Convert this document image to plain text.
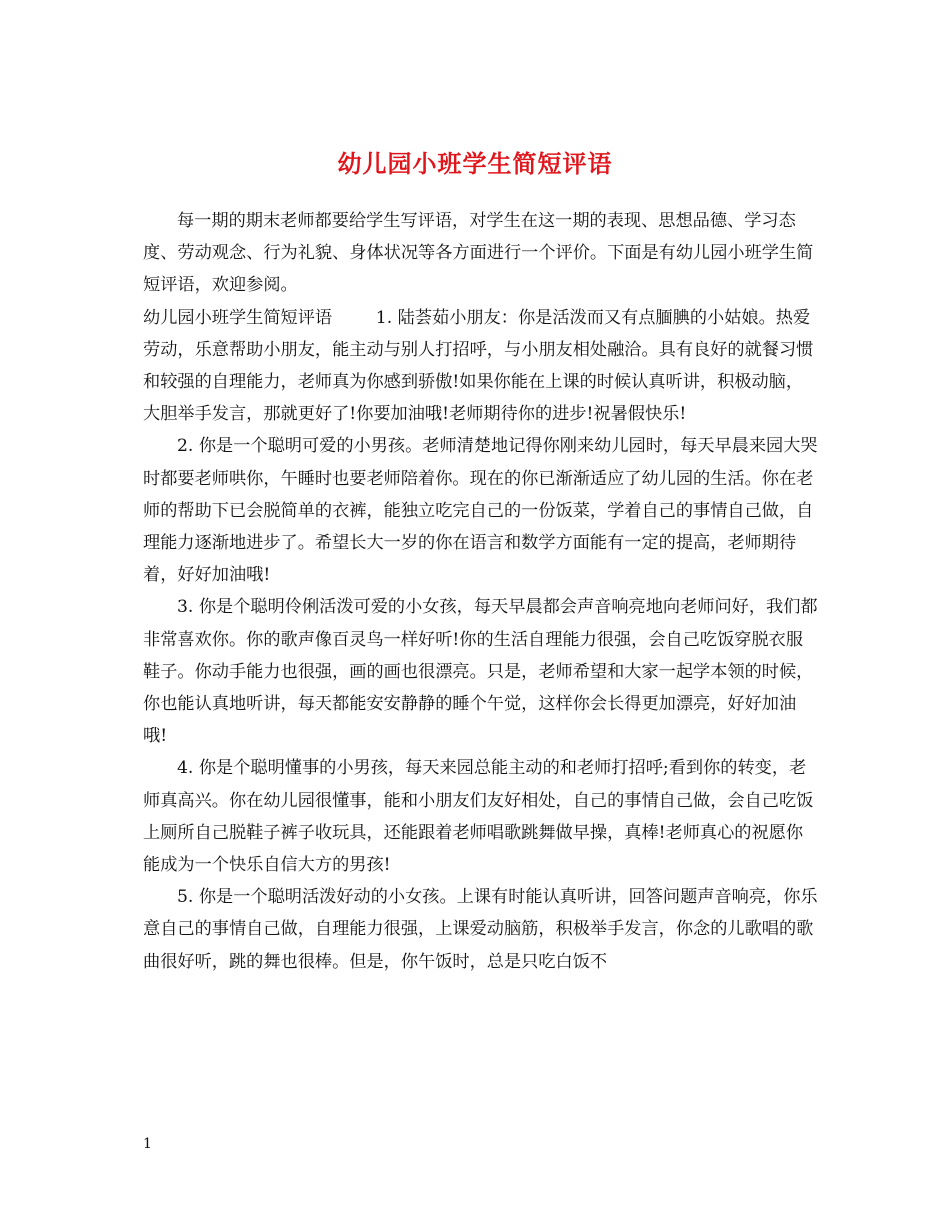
幼儿园小班学生简短评语

每一期的期末老师都要给学生写评语，对学生在这一期的表现、思想品德、学习态度、劳动观念、行为礼貌、身体状况等各方面进行一个评价。下面是有幼儿园小班学生简短评语，欢迎参阅。

幼儿园小班学生简短评语	1. 陆荟茹小朋友：你是活泼而又有点腼腆的小姑娘。热爱劳动，乐意帮助小朋友，能主动与别人打招呼，与小朋友相处融洽。具有良好的就餐习惯和较强的自理能力，老师真为你感到骄傲!如果你能在上课的时候认真听讲，积极动脑，大胆举手发言，那就更好了!你要加油哦!老师期待你的进步!祝暑假快乐!

2. 你是一个聪明可爱的小男孩。老师清楚地记得你刚来幼儿园时，每天早晨来园大哭时都要老师哄你，午睡时也要老师陪着你。现在的你已渐渐适应了幼儿园的生活。你在老师的帮助下已会脱简单的衣裤，能独立吃完自己的一份饭菜，学着自己的事情自己做，自理能力逐渐地进步了。希望长大一岁的你在语言和数学方面能有一定的提高，老师期待着，好好加油哦!

3. 你是个聪明伶俐活泼可爱的小女孩，每天早晨都会声音响亮地向老师问好，我们都非常喜欢你。你的歌声像百灵鸟一样好听!你的生活自理能力很强，会自己吃饭穿脱衣服鞋子。你动手能力也很强，画的画也很漂亮。只是，老师希望和大家一起学本领的时候，你也能认真地听讲，每天都能安安静静的睡个午觉，这样你会长得更加漂亮，好好加油哦!

4. 你是个聪明懂事的小男孩，每天来园总能主动的和老师打招呼;看到你的转变，老师真高兴。你在幼儿园很懂事，能和小朋友们友好相处，自己的事情自己做，会自己吃饭上厕所自己脱鞋子裤子收玩具，还能跟着老师唱歌跳舞做早操，真棒!老师真心的祝愿你能成为一个快乐自信大方的男孩!

5. 你是一个聪明活泼好动的小女孩。上课有时能认真听讲，回答问题声音响亮，你乐意自己的事情自己做，自理能力很强，上课爱动脑筋，积极举手发言，你念的儿歌唱的歌曲很好听，跳的舞也很棒。但是，你午饭时，总是只吃白饭不

1
